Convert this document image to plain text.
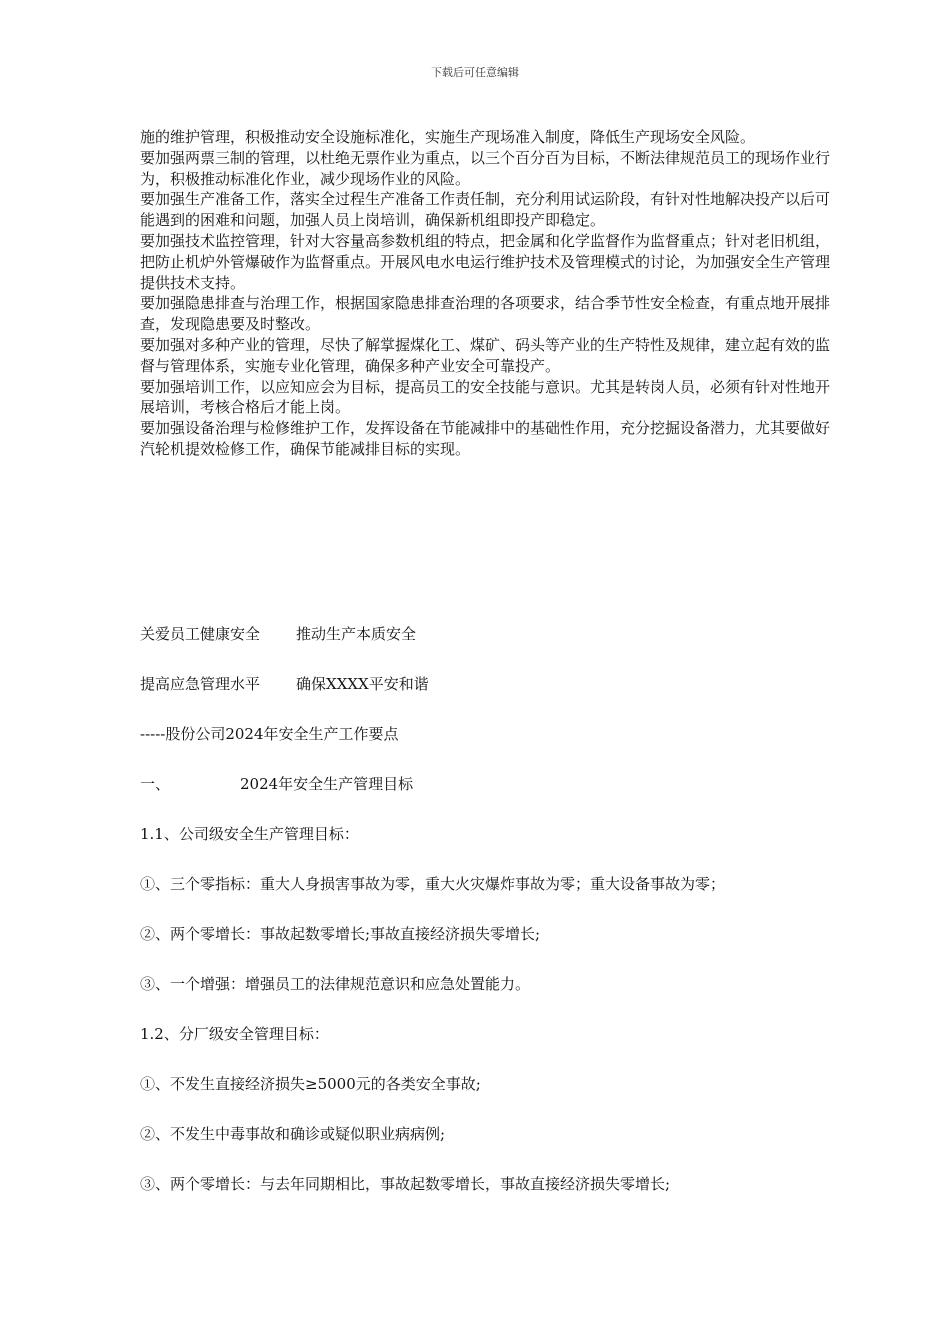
下载后可任意编辑

施的维护管理，积极推动安全设施标准化，实施生产现场准入制度，降低生产现场安全风险。

要加强两票三制的管理，以杜绝无票作业为重点，以三个百分百为目标，不断法律规范员工的现场作业行为，积极推动标准化作业，减少现场作业的风险。

要加强生产准备工作，落实全过程生产准备工作责任制，充分利用试运阶段，有针对性地解决投产以后可能遇到的困难和问题，加强人员上岗培训，确保新机组即投产即稳定。

要加强技术监控管理，针对大容量高参数机组的特点，把金属和化学监督作为监督重点；针对老旧机组，把防止机炉外管爆破作为监督重点。开展风电水电运行维护技术及管理模式的讨论，为加强安全生产管理提供技术支持。

要加强隐患排查与治理工作，根据国家隐患排查治理的各项要求，结合季节性安全检查，有重点地开展排查，发现隐患要及时整改。

要加强对多种产业的管理，尽快了解掌握煤化工、煤矿、码头等产业的生产特性及规律，建立起有效的监督与管理体系，实施专业化管理，确保多种产业安全可靠投产。

要加强培训工作，以应知应会为目标，提高员工的安全技能与意识。尤其是转岗人员，必须有针对性地开展培训，考核合格后才能上岗。

要加强设备治理与检修维护工作，发挥设备在节能减排中的基础性作用，充分挖掘设备潜力，尤其要做好汽轮机提效检修工作，确保节能减排目标的实现。

关爱员工健康安全 推动生产本质安全

提高应急管理水平 确保XXXX平安和谐

-----股份公司2024年安全生产工作要点

一、	2024年安全生产管理目标

1.1、公司级安全生产管理目标：

①、三个零指标：重大人身损害事故为零，重大火灾爆炸事故为零；重大设备事故为零；

②、两个零增长：事故起数零增长;事故直接经济损失零增长;

③、一个增强：增强员工的法律规范意识和应急处置能力。

1.2、分厂级安全管理目标：

①、不发生直接经济损失≥5000元的各类安全事故;

②、不发生中毒事故和确诊或疑似职业病病例;

③、两个零增长：与去年同期相比，事故起数零增长，事故直接经济损失零增长;
